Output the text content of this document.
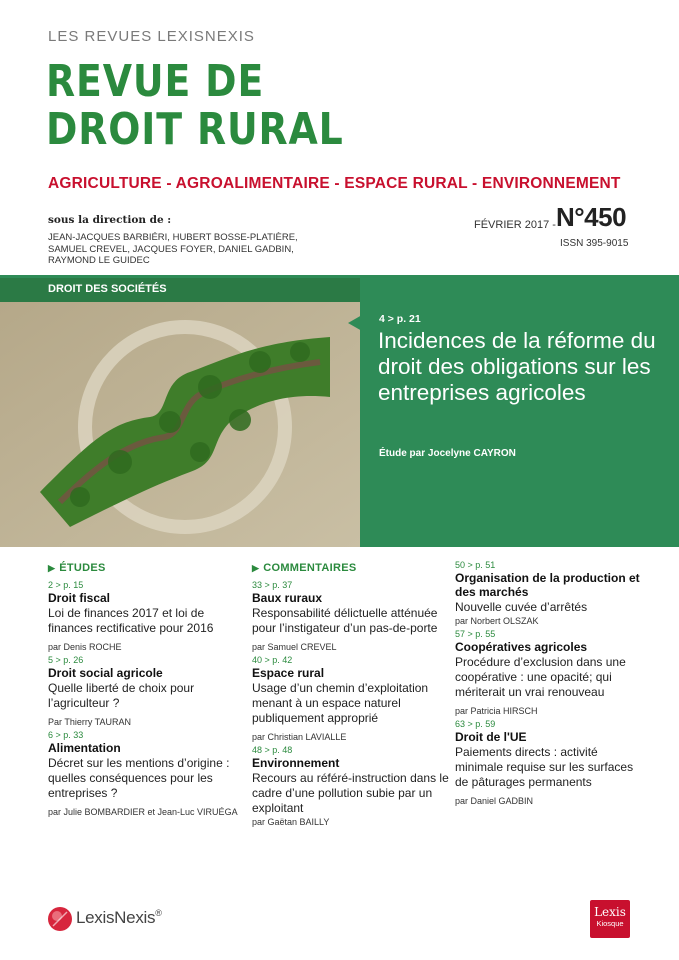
LES REVUES LEXISNEXIS
REVUE DE
DROIT RURAL
AGRICULTURE - AGROALIMENTAIRE - ESPACE RURAL - ENVIRONNEMENT
sous la direction de :
JEAN-JACQUES BARBIÉRI, HUBERT BOSSE-PLATIÈRE, SAMUEL CREVEL, JACQUES FOYER, DANIEL GADBIN, RAYMOND LE GUIDEC
FÉVRIER 2017 - N°450
ISSN 395-9015
DROIT DES SOCIÉTÉS
4 > p. 21
Incidences de la réforme du droit des obligations sur les entreprises agricoles
Étude par Jocelyne CAYRON
▶ ÉTUDES
2 > p. 15
Droit fiscal
Loi de finances 2017 et loi de finances rectificative pour 2016
par Denis ROCHE
5 > p. 26
Droit social agricole
Quelle liberté de choix pour l’agriculteur ?
Par Thierry TAURAN
6 > p. 33
Alimentation
Décret sur les mentions d’origine : quelles conséquences pour les entreprises ?
par Julie BOMBARDIER et Jean-Luc VIRUÉGA
▶ COMMENTAIRES
33 > p. 37
Baux ruraux
Responsabilité délictuelle atténuée pour l’instigateur d’un pas-de-porte
par Samuel CREVEL
40 > p. 42
Espace rural
Usage d’un chemin d’exploitation menant à un espace naturel publiquement approprié
par Christian LAVIALLE
48 > p. 48
Environnement
Recours au référé-instruction dans le cadre d’une pollution subie par un exploitant
par Gaëtan BAILLY
50 > p. 51
Organisation de la production et des marchés
Nouvelle cuvée d’arrêtés
par Norbert OLSZAK
57 > p. 55
Coopératives agricoles
Procédure d’exclusion dans une coopérative : une opacité; qui mériterait un vrai renouveau
par Patricia HIRSCH
63 > p. 59
Droit de l'UE
Paiements directs : activité minimale requise sur les surfaces de pâturages permanents
par Daniel GADBIN
LexisNexis®	Lexis
Kiosque
